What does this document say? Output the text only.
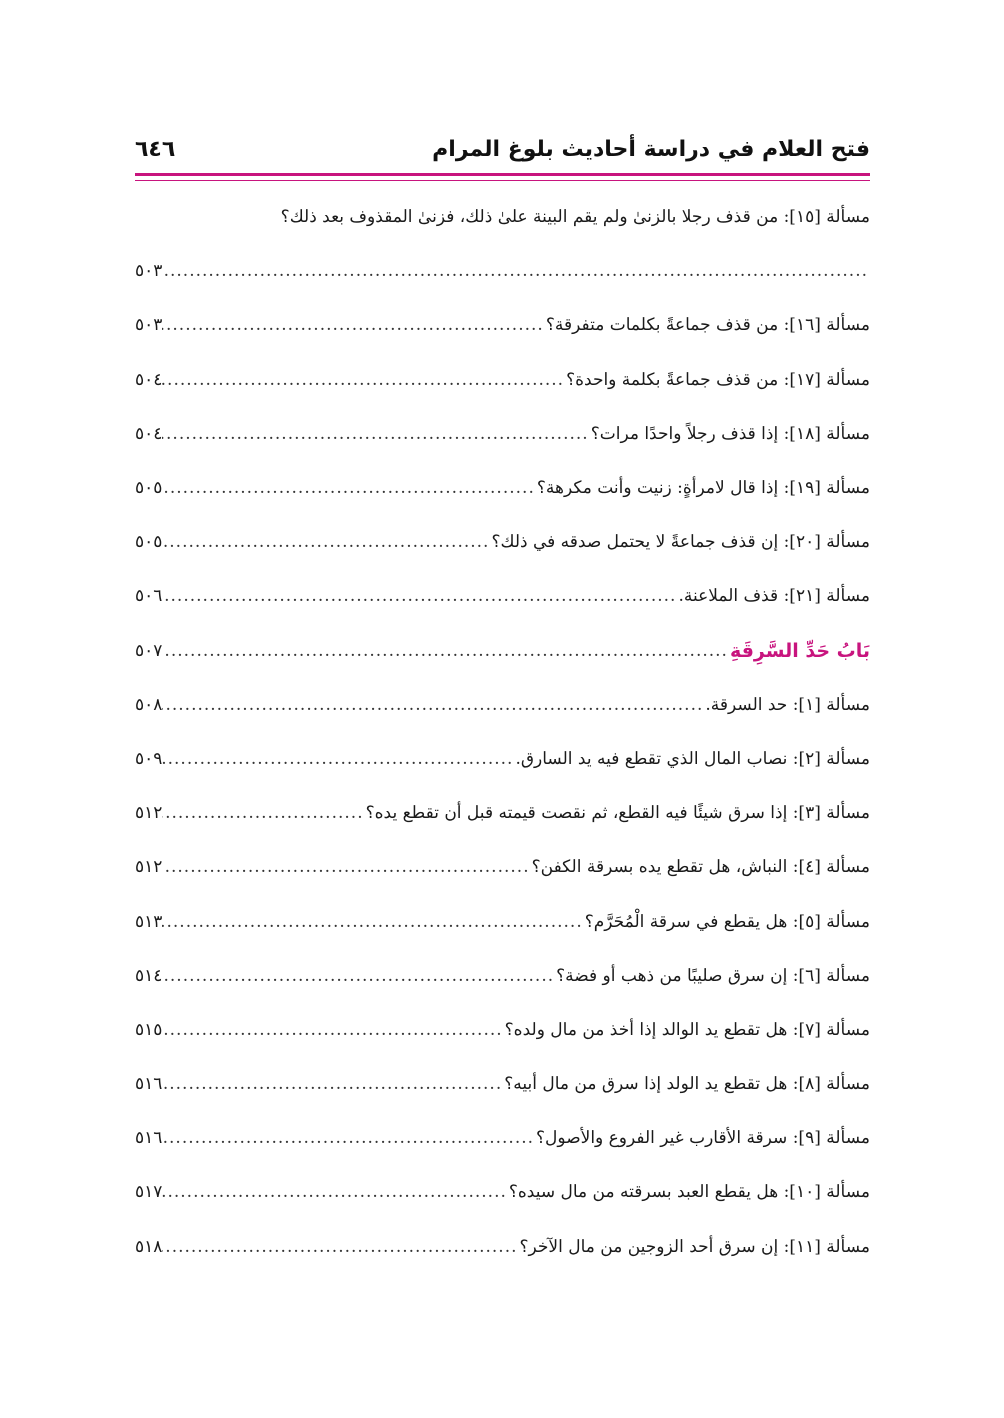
فتح العلام في دراسة أحاديث بلوغ المرام
٦٤٦
مسألة [١٥]: من قذف رجلا بالزنىٰ ولم يقم البينة علىٰ ذلك، فزنىٰ المقذوف بعد ذلك؟
.....
٥٠٣
مسألة [١٦]: من قذف جماعةً بكلمات متفرقة؟
.....
٥٠٣
مسألة [١٧]: من قذف جماعةً بكلمة واحدة؟
.....
٥٠٤
مسألة [١٨]: إذا قذف رجلاً واحدًا مرات؟
.....
٥٠٤
مسألة [١٩]: إذا قال لامرأةٍ: زنيت وأنت مكرهة؟
.....
٥٠٥
مسألة [٢٠]: إن قذف جماعةً لا يحتمل صدقه في ذلك؟
.....
٥٠٥
مسألة [٢١]: قذف الملاعنة.
.....
٥٠٦
بَابُ حَدِّ السَّرِقَةِ
.....
٥٠٧
مسألة [١]: حد السرقة.
.....
٥٠٨
مسألة [٢]: نصاب المال الذي تقطع فيه يد السارق.
.....
٥٠٩
مسألة [٣]: إذا سرق شيئًا فيه القطع، ثم نقصت قيمته قبل أن تقطع يده؟
.....
٥١٢
مسألة [٤]: النباش، هل تقطع يده بسرقة الكفن؟
.....
٥١٢
مسألة [٥]: هل يقطع في سرقة الْمُحَرَّم؟
.....
٥١٣
مسألة [٦]: إن سرق صليبًا من ذهب أو فضة؟
.....
٥١٤
مسألة [٧]: هل تقطع يد الوالد إذا أخذ من مال ولده؟
.....
٥١٥
مسألة [٨]: هل تقطع يد الولد إذا سرق من مال أبيه؟
.....
٥١٦
مسألة [٩]: سرقة الأقارب غير الفروع والأصول؟
.....
٥١٦
مسألة [١٠]: هل يقطع العبد بسرقته من مال سيده؟
.....
٥١٧
مسألة [١١]: إن سرق أحد الزوجين من مال الآخر؟
.....
٥١٨
